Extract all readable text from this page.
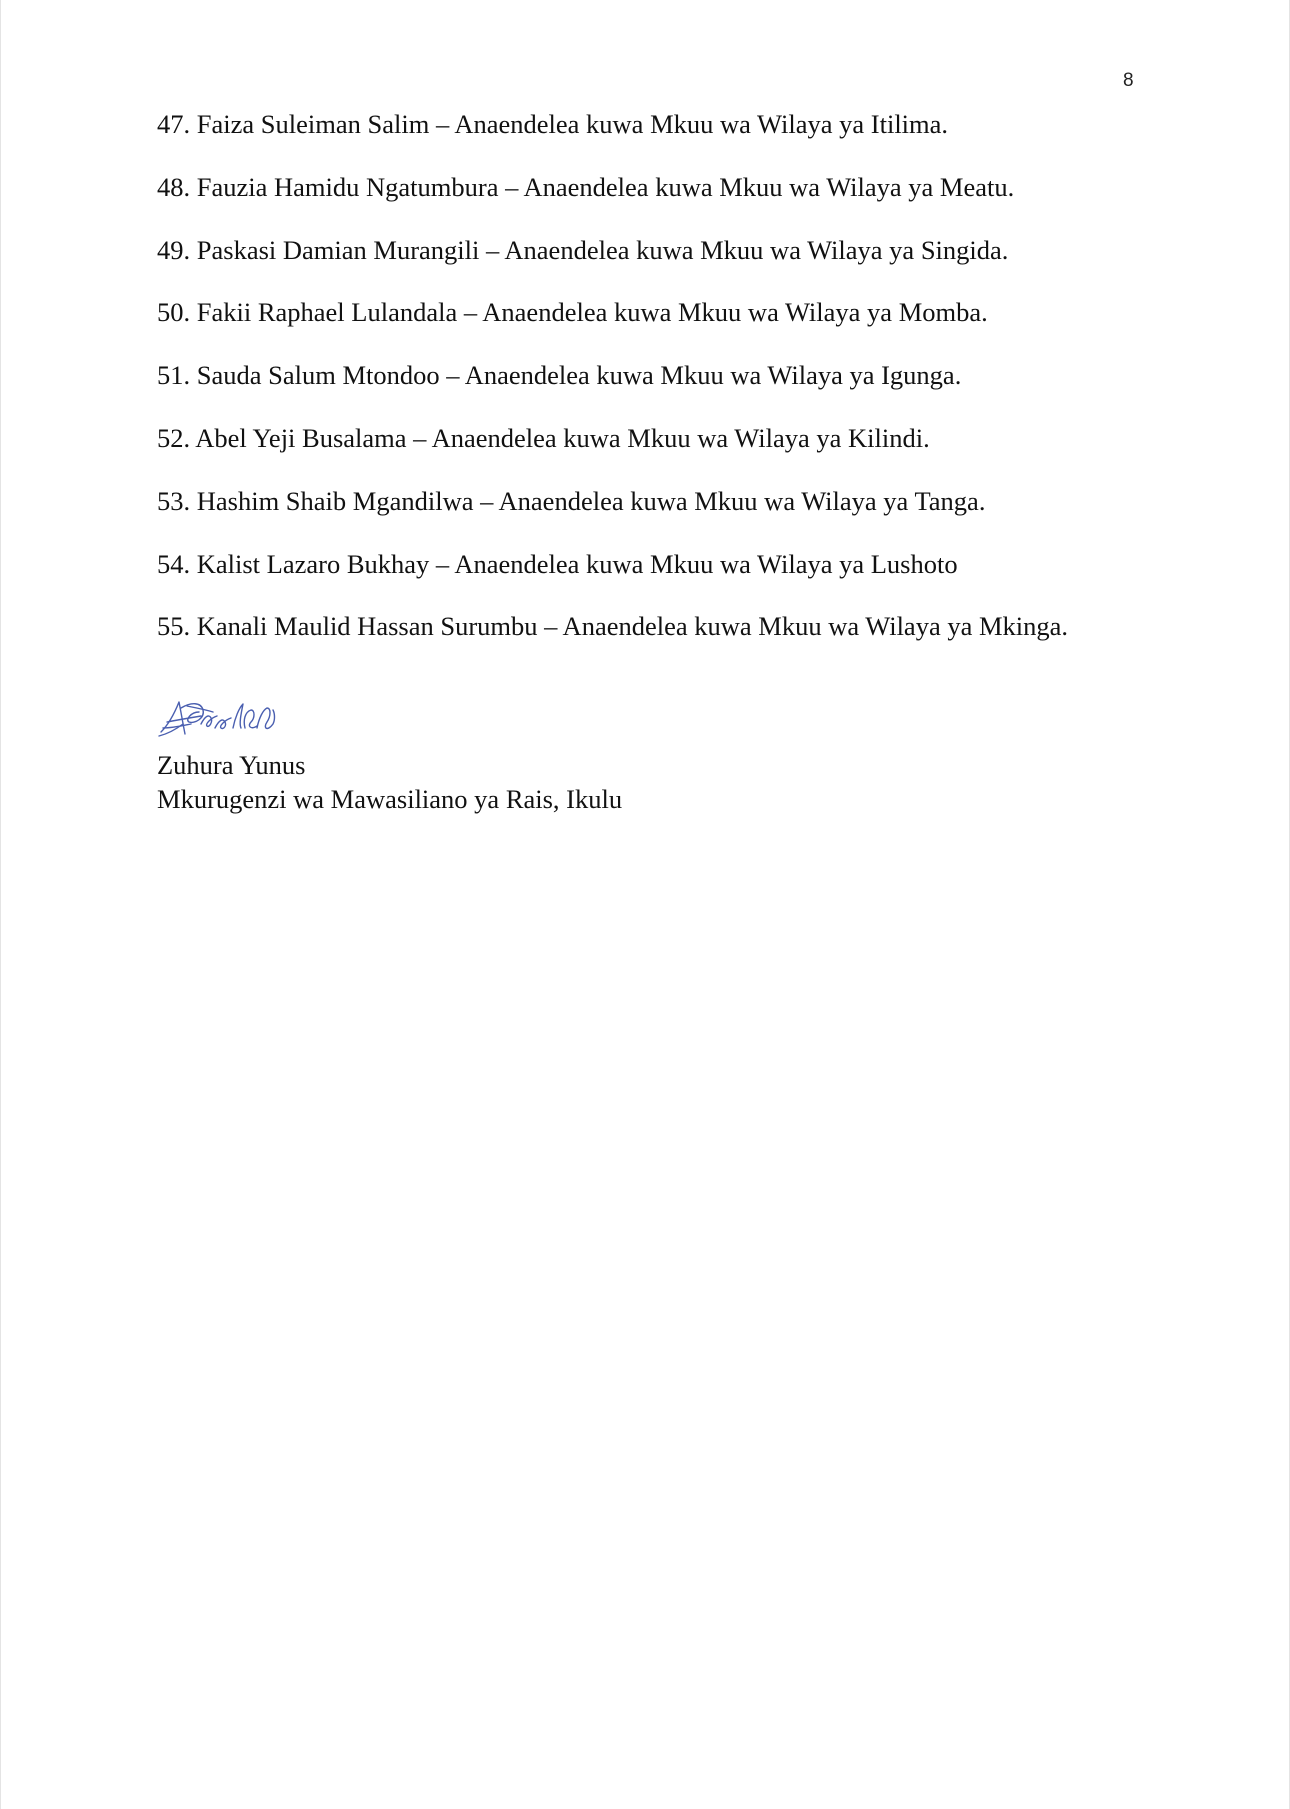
8
47. Faiza Suleiman Salim – Anaendelea kuwa Mkuu wa Wilaya ya Itilima.
48. Fauzia Hamidu Ngatumbura – Anaendelea kuwa Mkuu wa Wilaya ya Meatu.
49. Paskasi Damian Murangili – Anaendelea kuwa Mkuu wa Wilaya ya Singida.
50. Fakii Raphael Lulandala – Anaendelea kuwa Mkuu wa Wilaya ya Momba.
51. Sauda Salum Mtondoo – Anaendelea kuwa Mkuu wa Wilaya ya Igunga.
52. Abel Yeji Busalama – Anaendelea kuwa Mkuu wa Wilaya ya Kilindi.
53. Hashim Shaib Mgandilwa – Anaendelea kuwa Mkuu wa Wilaya ya Tanga.
54. Kalist Lazaro Bukhay – Anaendelea kuwa Mkuu wa Wilaya ya Lushoto
55. Kanali Maulid Hassan Surumbu – Anaendelea kuwa Mkuu wa Wilaya ya Mkinga.
Zuhura Yunus
Mkurugenzi wa Mawasiliano ya Rais, Ikulu
